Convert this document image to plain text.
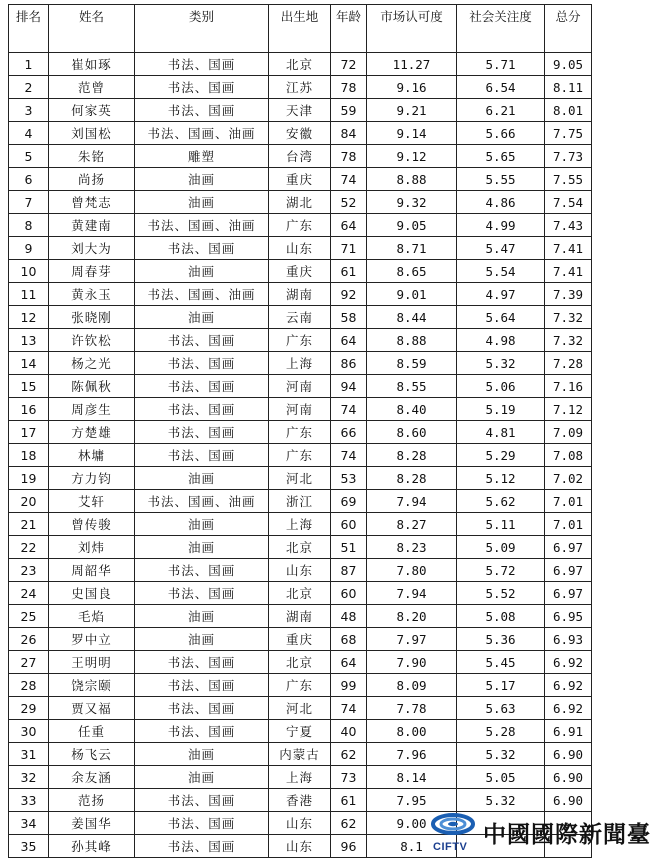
排名	姓名	类别	出生地	年龄	市场认可度	社会关注度	总分
1	崔如琢	书法、国画	北京	72	11.27	5.71	9.05
2	范曾	书法、国画	江苏	78	9.16	6.54	8.11
3	何家英	书法、国画	天津	59	9.21	6.21	8.01
4	刘国松	书法、国画、油画	安徽	84	9.14	5.66	7.75
5	朱铭	雕塑	台湾	78	9.12	5.65	7.73
6	尚扬	油画	重庆	74	8.88	5.55	7.55
7	曾梵志	油画	湖北	52	9.32	4.86	7.54
8	黄建南	书法、国画、油画	广东	64	9.05	4.99	7.43
9	刘大为	书法、国画	山东	71	8.71	5.47	7.41
10	周春芽	油画	重庆	61	8.65	5.54	7.41
11	黄永玉	书法、国画、油画	湖南	92	9.01	4.97	7.39
12	张晓刚	油画	云南	58	8.44	5.64	7.32
13	许钦松	书法、国画	广东	64	8.88	4.98	7.32
14	杨之光	书法、国画	上海	86	8.59	5.32	7.28
15	陈佩秋	书法、国画	河南	94	8.55	5.06	7.16
16	周彦生	书法、国画	河南	74	8.40	5.19	7.12
17	方楚雄	书法、国画	广东	66	8.60	4.81	7.09
18	林墉	书法、国画	广东	74	8.28	5.29	7.08
19	方力钧	油画	河北	53	8.28	5.12	7.02
20	艾轩	书法、国画、油画	浙江	69	7.94	5.62	7.01
21	曾传骏	油画	上海	60	8.27	5.11	7.01
22	刘炜	油画	北京	51	8.23	5.09	6.97
23	周韶华	书法、国画	山东	87	7.80	5.72	6.97
24	史国良	书法、国画	北京	60	7.94	5.52	6.97
25	毛焰	油画	湖南	48	8.20	5.08	6.95
26	罗中立	油画	重庆	68	7.97	5.36	6.93
27	王明明	书法、国画	北京	64	7.90	5.45	6.92
28	饶宗颐	书法、国画	广东	99	8.09	5.17	6.92
29	贾又福	书法、国画	河北	74	7.78	5.63	6.92
30	任重	书法、国画	宁夏	40	8.00	5.28	6.91
31	杨飞云	油画	内蒙古	62	7.96	5.32	6.90
32	余友涵	油画	上海	73	8.14	5.05	6.90
33	范扬	书法、国画	香港	61	7.95	5.32	6.90
34	姜国华	书法、国画	山东	62	9.00		
35	孙其峰	书法、国画	山东	96	8.1		CIFTV 中國國際新聞臺
